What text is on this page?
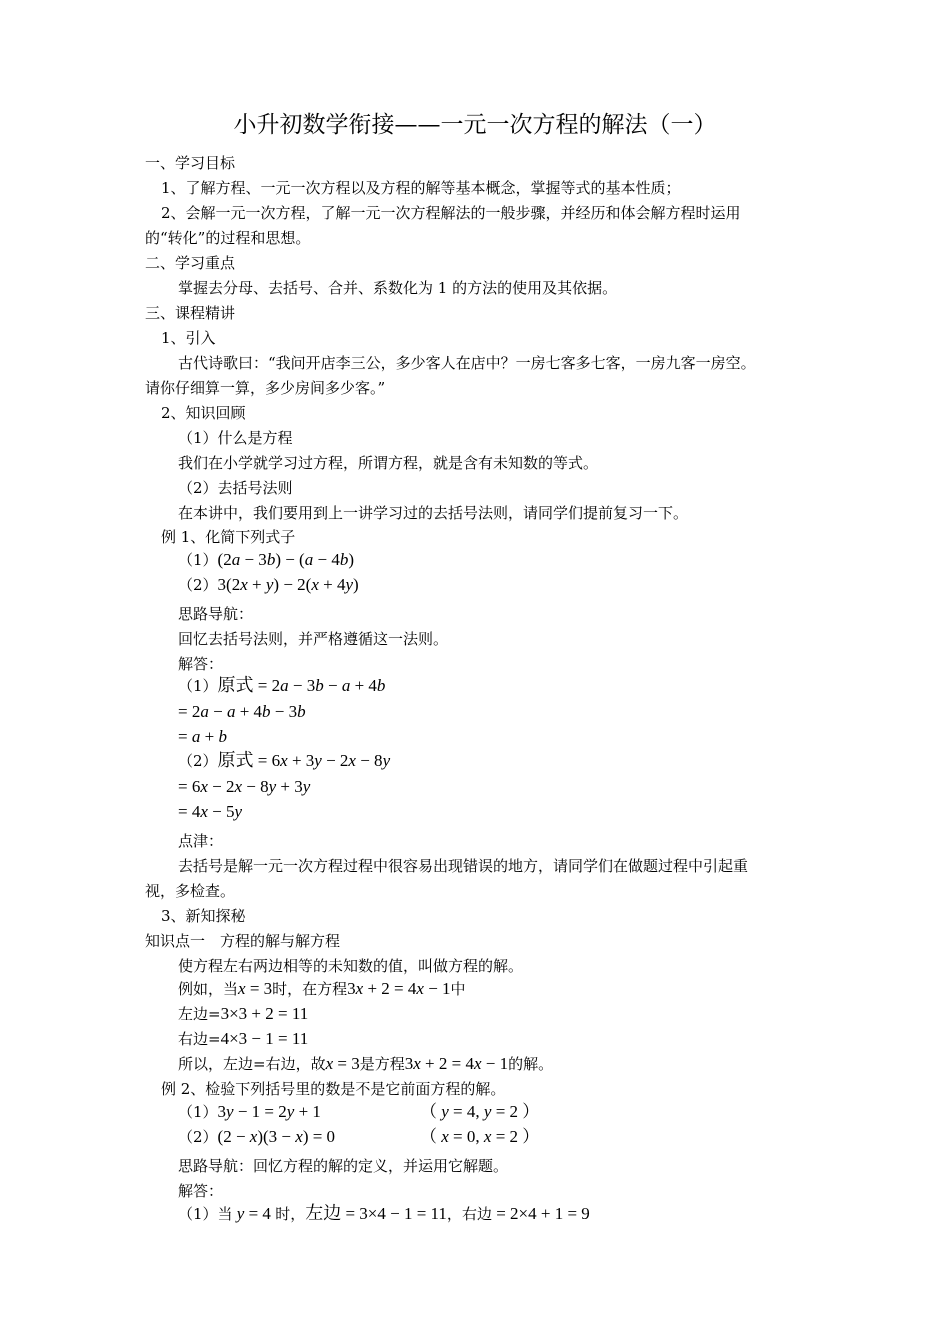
小升初数学衔接——一元一次方程的解法（一）
一、学习目标
1、了解方程、一元一次方程以及方程的解等基本概念，掌握等式的基本性质；
2、会解一元一次方程，了解一元一次方程解法的一般步骤，并经历和体会解方程时运用
的“转化”的过程和思想。
二、学习重点
掌握去分母、去括号、合并、系数化为 1 的方法的使用及其依据。
三、课程精讲
1、引入
古代诗歌曰：“我问开店李三公，多少客人在店中？一房七客多七客，一房九客一房空。
请你仔细算一算，多少房间多少客。”
2、知识回顾
（1）什么是方程
我们在小学就学习过方程，所谓方程，就是含有未知数的等式。
（2）去括号法则
在本讲中，我们要用到上一讲学习过的去括号法则，请同学们提前复习一下。
例 1、化简下列式子
（1）(2a − 3b) − (a − 4b)
（2）3(2x + y) − 2(x + 4y)
思路导航：
回忆去括号法则，并严格遵循这一法则。
解答：
（1）原式 = 2a − 3b − a + 4b
= 2a − a + 4b − 3b
= a + b
（2）原式 = 6x + 3y − 2x − 8y
= 6x − 2x − 8y + 3y
= 4x − 5y
点津：
去括号是解一元一次方程过程中很容易出现错误的地方，请同学们在做题过程中引起重
视，多检查。
3、新知探秘
知识点一　方程的解与解方程
使方程左右两边相等的未知数的值，叫做方程的解。
例如，当x = 3时，在方程3x + 2 = 4x − 1中
左边=3×3 + 2 = 11
右边=4×3 − 1 = 11
所以，左边=右边，故x = 3是方程3x + 2 = 4x − 1的解。
例 2、检验下列括号里的数是不是它前面方程的解。
（1）3y − 1 = 2y + 1	（ y = 4, y = 2 ）
（2）(2 − x)(3 − x) = 0	（ x = 0, x = 2 ）
思路导航：回忆方程的解的定义，并运用它解题。
解答：
（1）当 y = 4 时，左边 = 3×4 − 1 = 11，右边 = 2×4 + 1 = 9
